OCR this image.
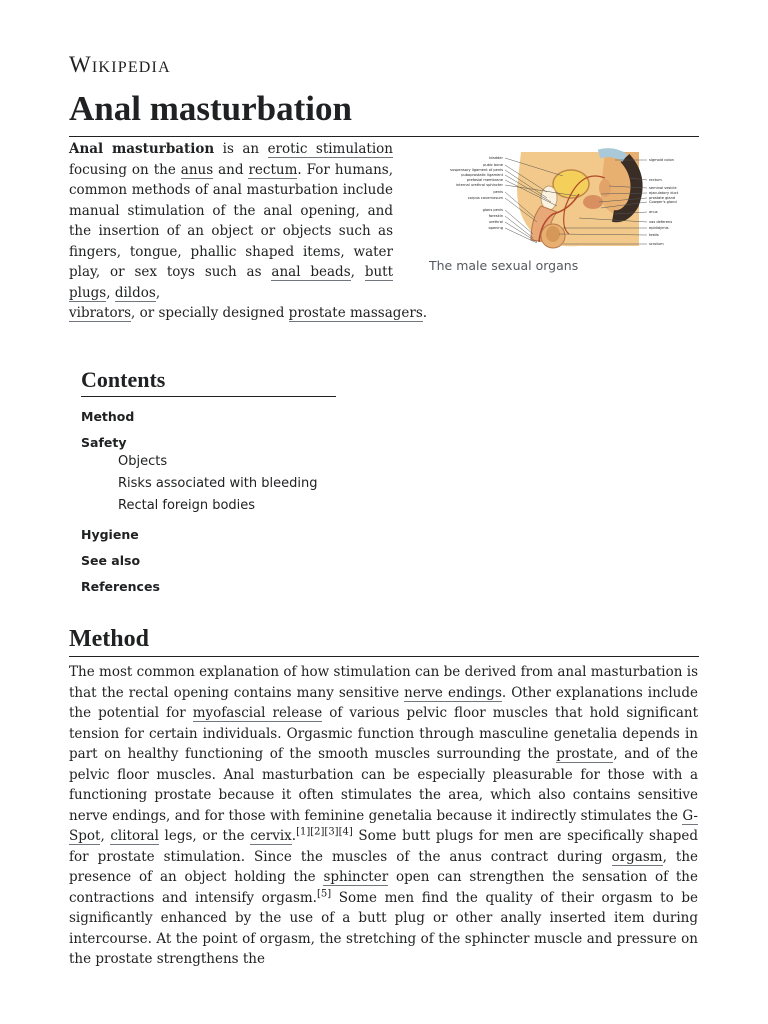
Wikipedia
Anal masturbation

Anal masturbation is an erotic stimulation focusing on the anus and rectum. For humans, common methods of anal masturbation include manual stimulation of the anal opening, and the insertion of an object or objects such as fingers, tongue, phallic shaped items, water play, or sex toys such as anal beads, butt plugs, dildos,
vibrators, or specially designed prostate massagers.

bladder
pubic bone
suspensory ligament of penis
puboprostatic ligament
prefasial membrane
internal urethral sphincter
penis
corpus cavernosum
glans penis
foreskin
urethral
opening
sigmoid colon
rectum
seminal vesicle
ejaculatory duct
prostate gland
Cowper's gland
anus
vas deferens
epididymis
testis
scrotum
The male sexual organs
Contents
Method
Safety
Objects
Risks associated with bleeding
Rectal foreign bodies
Hygiene
See also
References
Method

The most common explanation of how stimulation can be derived from anal masturbation is that the rectal opening contains many sensitive nerve endings. Other explanations include the potential for myofascial release of various pelvic floor muscles that hold significant tension for certain individuals. Orgasmic function through masculine genetalia depends in part on healthy functioning of the smooth muscles surrounding the prostate, and of the pelvic floor muscles. Anal masturbation can be especially pleasurable for those with a functioning prostate because it often stimulates the area, which also contains sensitive nerve endings, and for those with feminine genetalia because it indirectly stimulates the G-Spot, clitoral legs, or the cervix.[1][2][3][4] Some butt plugs for men are specifically shaped for prostate stimulation. Since the muscles of the anus contract during orgasm, the presence of an object holding the sphincter open can strengthen the sensation of the contractions and intensify orgasm.[5] Some men find the quality of their orgasm to be significantly enhanced by the use of a butt plug or other anally inserted item during intercourse. At the point of orgasm, the stretching of the sphincter muscle and pressure on the prostate strengthens the
